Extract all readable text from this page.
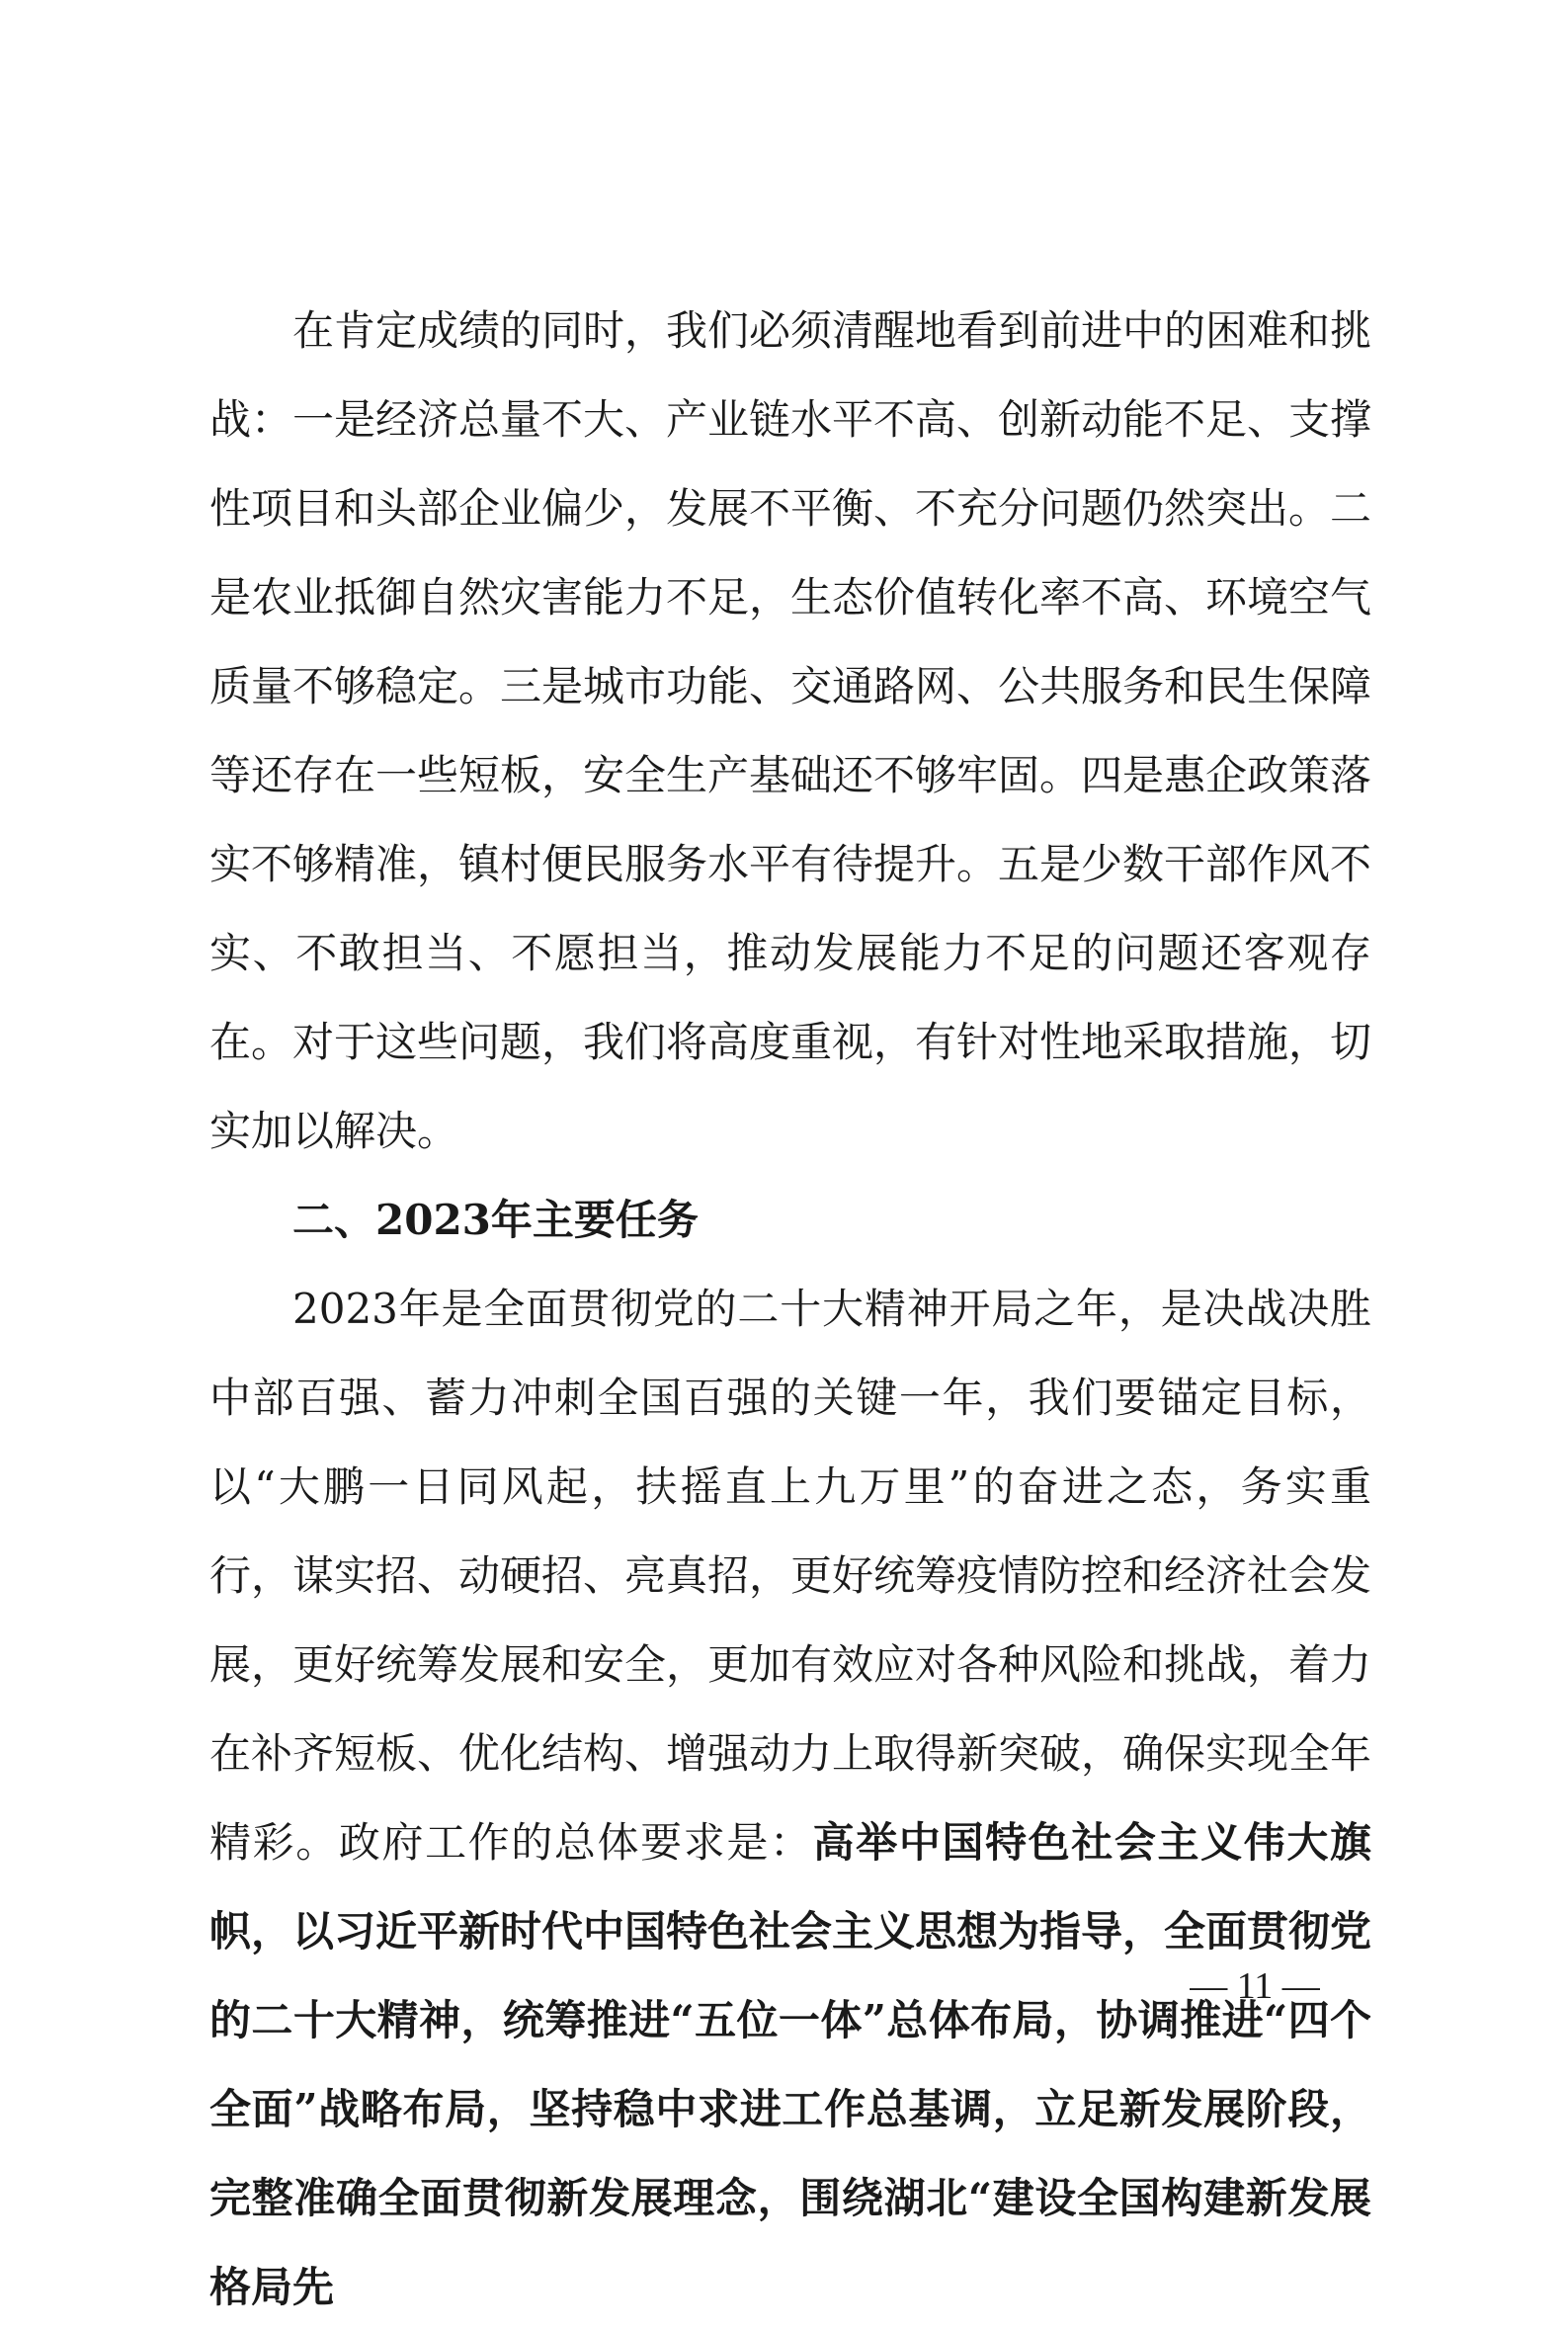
在肯定成绩的同时，我们必须清醒地看到前进中的困难和挑战：一是经济总量不大、产业链水平不高、创新动能不足、支撑性项目和头部企业偏少，发展不平衡、不充分问题仍然突出。二是农业抵御自然灾害能力不足，生态价值转化率不高、环境空气质量不够稳定。三是城市功能、交通路网、公共服务和民生保障等还存在一些短板，安全生产基础还不够牢固。四是惠企政策落实不够精准，镇村便民服务水平有待提升。五是少数干部作风不实、不敢担当、不愿担当，推动发展能力不足的问题还客观存在。对于这些问题，我们将高度重视，有针对性地采取措施，切实加以解决。

二、2023年主要任务

2023年是全面贯彻党的二十大精神开局之年，是决战决胜中部百强、蓄力冲刺全国百强的关键一年，我们要锚定目标，以“大鹏一日同风起，扶摇直上九万里”的奋进之态，务实重行，谋实招、动硬招、亮真招，更好统筹疫情防控和经济社会发展，更好统筹发展和安全，更加有效应对各种风险和挑战，着力在补齐短板、优化结构、增强动力上取得新突破，确保实现全年精彩。政府工作的总体要求是：高举中国特色社会主义伟大旗帜，以习近平新时代中国特色社会主义思想为指导，全面贯彻党的二十大精神，统筹推进“五位一体”总体布局，协调推进“四个全面”战略布局，坚持稳中求进工作总基调，立足新发展阶段，完整准确全面贯彻新发展理念，围绕湖北“建设全国构建新发展格局先

— 11 —
